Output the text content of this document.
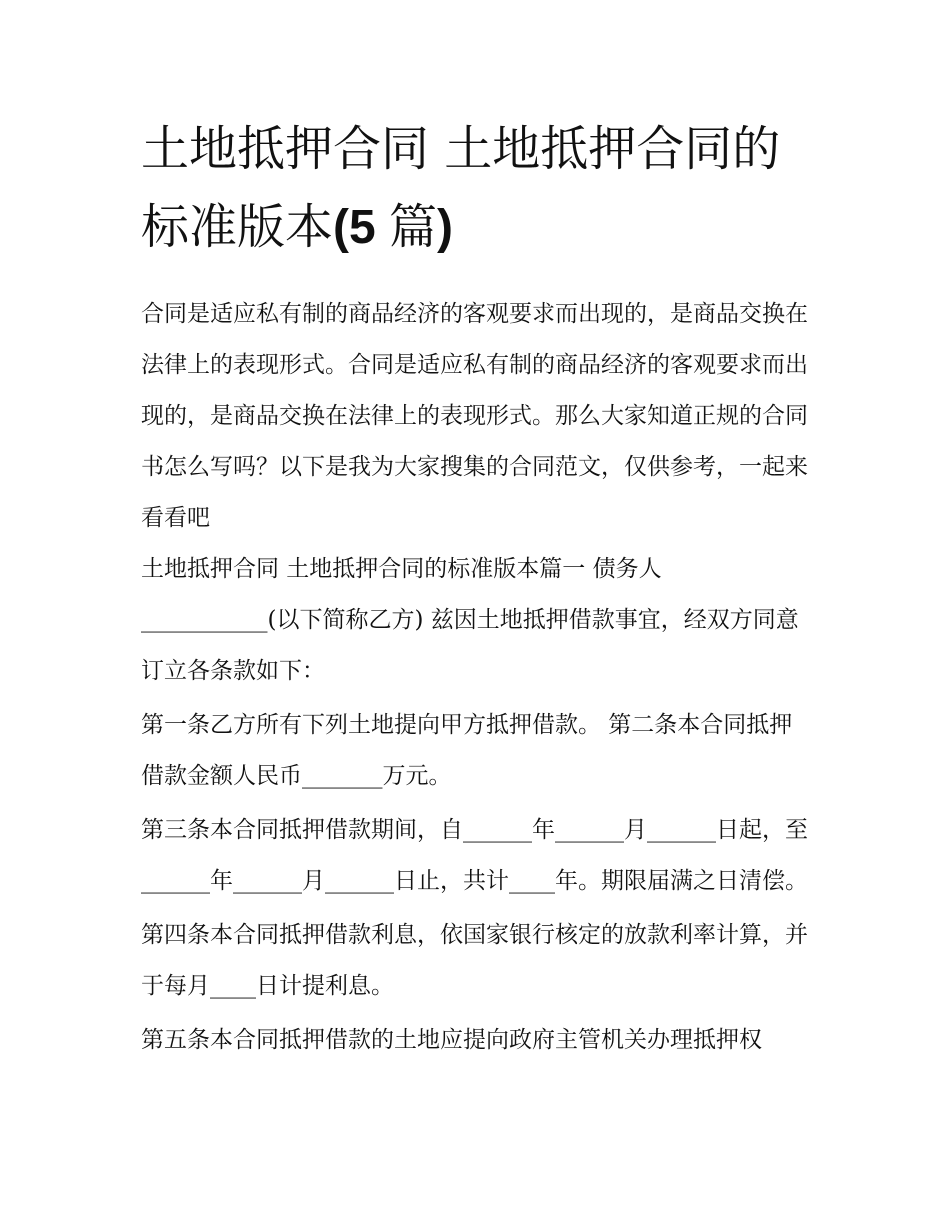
土地抵押合同 土地抵押合同的标准版本(5 篇)

合同是适应私有制的商品经济的客观要求而出现的，是商品交换在法律上的表现形式。合同是适应私有制的商品经济的客观要求而出现的，是商品交换在法律上的表现形式。那么大家知道正规的合同书怎么写吗？以下是我为大家搜集的合同范文，仅供参考，一起来看看吧

土地抵押合同 土地抵押合同的标准版本篇一 债务人___________(以下简称乙方) 兹因土地抵押借款事宜，经双方同意订立各条款如下：

第一条乙方所有下列土地提向甲方抵押借款。 第二条本合同抵押借款金额人民币_______万元。

第三条本合同抵押借款期间，自______年______月______日起，至______年______月______日止，共计____年。期限届满之日清偿。

第四条本合同抵押借款利息，依国家银行核定的放款利率计算，并于每月____日计提利息。

第五条本合同抵押借款的土地应提向政府主管机关办理抵押权
